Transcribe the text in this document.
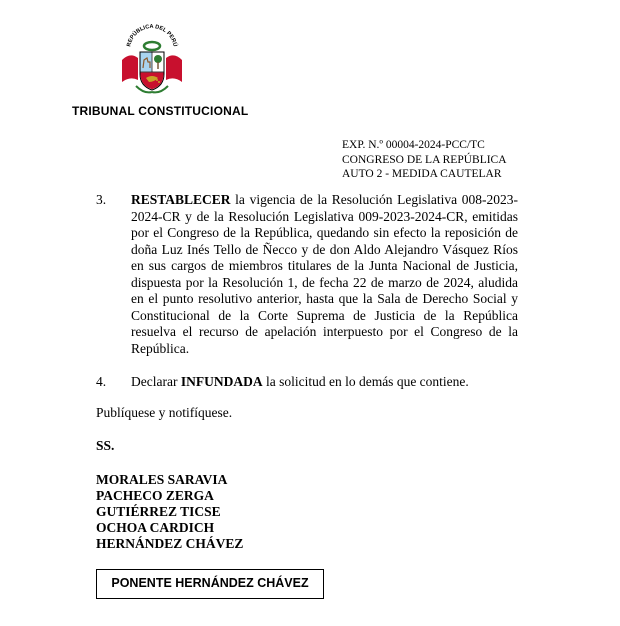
REPÚBLICA DEL PERÚ
TRIBUNAL CONSTITUCIONAL
EXP. N.º 00004-2024-PCC/TC
CONGRESO DE LA REPÚBLICA
AUTO 2 - MEDIDA CAUTELAR
3. RESTABLECER la vigencia de la Resolución Legislativa 008-2023-2024-CR y de la Resolución Legislativa 009-2023-2024-CR, emitidas por el Congreso de la República, quedando sin efecto la reposición de doña Luz Inés Tello de Ñecco y de don Aldo Alejandro Vásquez Ríos en sus cargos de miembros titulares de la Junta Nacional de Justicia, dispuesta por la Resolución 1, de fecha 22 de marzo de 2024, aludida en el punto resolutivo anterior, hasta que la Sala de Derecho Social y Constitucional de la Corte Suprema de Justicia de la República resuelva el recurso de apelación interpuesto por el Congreso de la República.
4. Declarar INFUNDADA la solicitud en lo demás que contiene.
Publíquese y notifíquese.
SS.
MORALES SARAVIA
PACHECO ZERGA
GUTIÉRREZ TICSE
OCHOA CARDICH
HERNÁNDEZ CHÁVEZ
PONENTE HERNÁNDEZ CHÁVEZ
